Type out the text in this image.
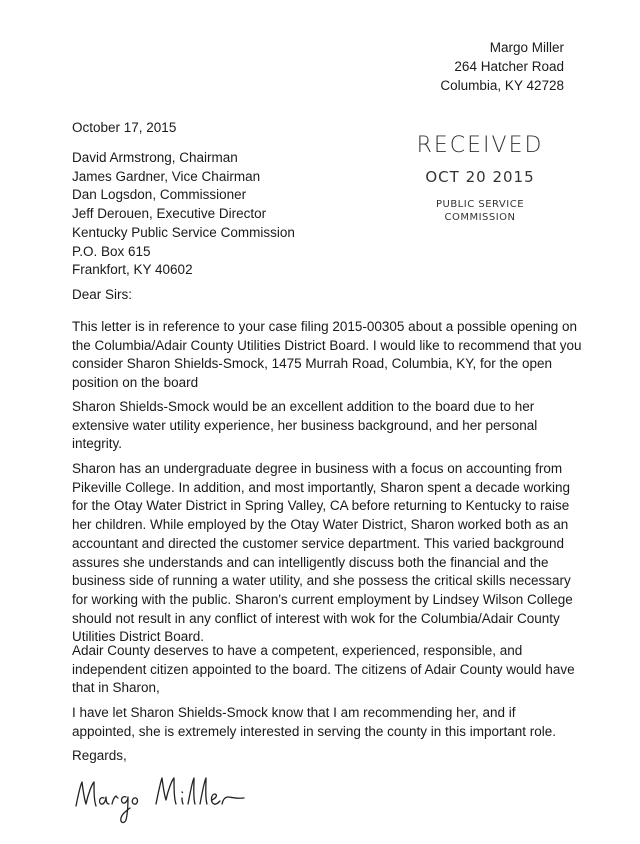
Margo Miller
264 Hatcher Road
Columbia, KY 42728
October 17, 2015
David Armstrong, Chairman
James Gardner, Vice Chairman
Dan Logsdon, Commissioner
Jeff Derouen, Executive Director
Kentucky Public Service Commission
P.O. Box 615
Frankfort, KY 40602
RECEIVED
OCT 20 2015
PUBLIC SERVICE
COMMISSION
Dear Sirs:

This letter is in reference to your case filing 2015-00305 about a possible opening on the Columbia/Adair County Utilities District Board. I would like to recommend that you consider Sharon Shields-Smock, 1475 Murrah Road, Columbia, KY, for the open position on the board

Sharon Shields-Smock would be an excellent addition to the board due to her extensive water utility experience, her business background, and her personal integrity.

Sharon has an undergraduate degree in business with a focus on accounting from Pikeville College. In addition, and most importantly, Sharon spent a decade working for the Otay Water District in Spring Valley, CA before returning to Kentucky to raise her children. While employed by the Otay Water District, Sharon worked both as an accountant and directed the customer service department. This varied background assures she understands and can intelligently discuss both the financial and the business side of running a water utility, and she possess the critical skills necessary for working with the public. Sharon's current employment by Lindsey Wilson College should not result in any conflict of interest with wok for the Columbia/Adair County Utilities District Board.

Adair County deserves to have a competent, experienced, responsible, and independent citizen appointed to the board. The citizens of Adair County would have that in Sharon,

I have let Sharon Shields-Smock know that I am recommending her, and if appointed, she is extremely interested in serving the county in this important role.

Regards,
